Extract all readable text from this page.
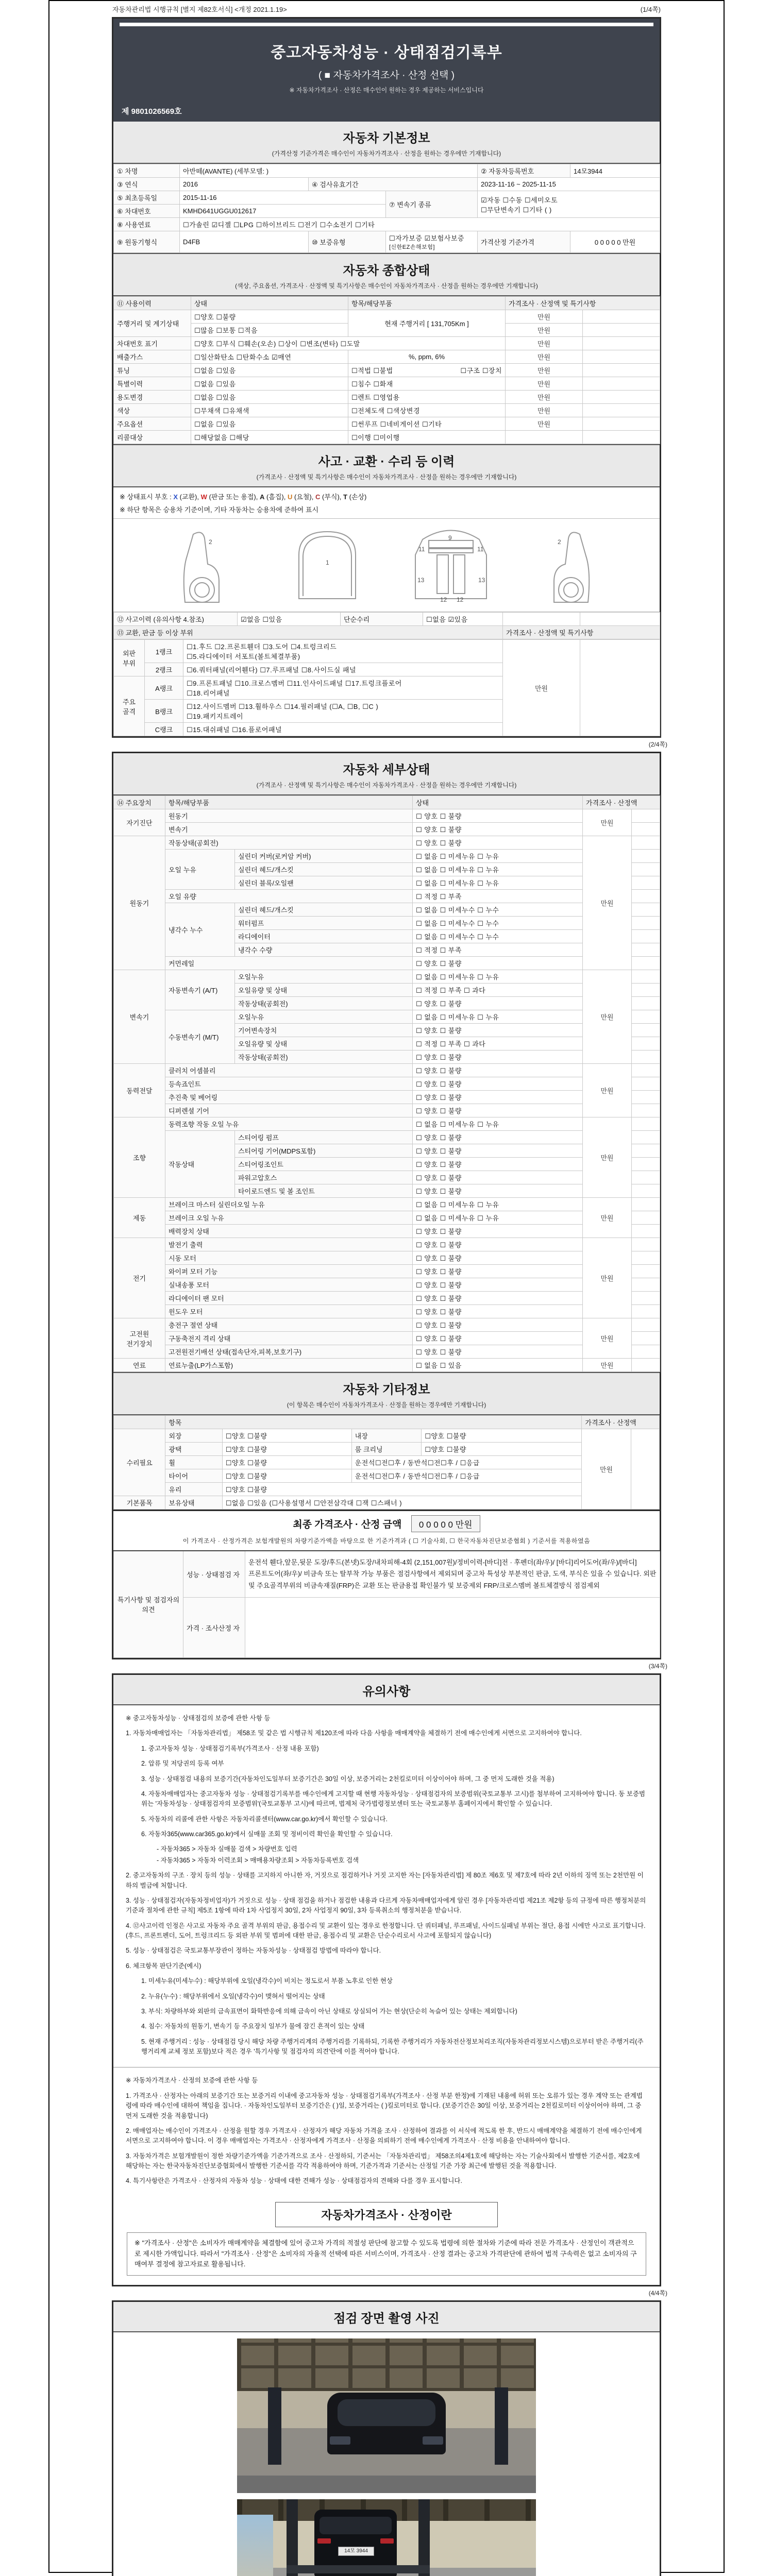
자동차관리법 시행규칙 [별지 제82호서식] <개정 2021.1.19>	(1/4쪽)
중고자동차성능 · 상태점검기록부
( ■ 자동차가격조사 · 산정 선택 )
※ 자동차가격조사 · 산정은 매수인이 원하는 경우 제공하는 서비스입니다
제 9801026569호
자동차 기본정보
(가격산정 기준가격은 매수인이 자동차가격조사 · 산정을 원하는 경우에만 기재합니다)
① 차명	아반떼(AVANTE) (세부모델: )			② 자동차등록번호	14모3944
③ 연식	2016	④ 검사유효기간		2023-11-16 ~ 2025-11-15	
⑤ 최초등록일	2015-11-16		⑦ 변속기 종류	☑자동 ☐수동 ☐세미오토
☐무단변속기 ☐기타 ( )	
⑥ 차대번호	KMHD641UGGU012617				
⑧ 사용연료	☐가솔린 ☑디젤 ☐LPG ☐하이브리드 ☐전기 ☐수소전기 ☐기타				
⑨ 원동기형식	D4FB	⑩ 보증유형	☐자가보증 ☑보험사보증 [신한EZ손해보험]	가격산정 기준가격	0 0 0 0 0 만원
자동차 종합상태
(색상, 주요옵션, 가격조사 · 산정액 및 특기사항은 매수인이 자동차가격조사 · 산정을 원하는 경우에만 기재합니다)
⑪ 사용이력	상태	항목/해당부품	가격조사 · 산정액 및 특기사항	
주행거리 및 계기상태	☐양호 ☐불량	현재 주행거리 [ 131,705Km ]	만원	
	☐많음 ☐보통 ☐적음		만원	
차대번호 표기	☐양호 ☐부식 ☐훼손(오손) ☐상이 ☐변조(변타) ☐도말		만원	
배출가스	☐일산화탄소 ☐탄화수소 ☑매연	%, ppm, 6%	만원	
튜닝	☐없음 ☐있음	☐적법 ☐불법 ☐구조 ☐장치	만원	
특별이력	☐없음 ☐있음	☐침수 ☐화재	만원	
용도변경	☐없음 ☐있음	☐렌트 ☐영업용	만원	
색상	☐무채색 ☐유채색	☐전체도색 ☐색상변경	만원	
주요옵션	☐없음 ☐있음	☐썬루프 ☐네비게이션 ☐기타	만원	
리콜대상	☐해당없음 ☐해당	☐이행 ☐미이행		
사고 · 교환 · 수리 등 이력
(가격조사 · 산정액 및 특기사항은 매수인이 자동차가격조사 · 산정을 원하는 경우에만 기재합니다)
※ 상태표시 부호 : X (교환), W (판금 또는 용접), A (흠집), U (요철), C (부식), T (손상)
※ 하단 항목은 승용차 기준이며, 기타 자동차는 승용차에 준하여 표시
2
1
11
9
11
13
12 12
13
2
⑫ 사고이력 (유의사항 4.참조)	☑없음 ☐있음	단순수리	☐없음 ☑있음		
⑬ 교환, 판금 등 이상 부위				가격조사 · 산정액 및 특기사항	
외판 부위	1랭크	☐1.후드 ☐2.프론트휀더 ☐3.도어 ☐4.트렁크리드
☐5.라디에이터 서포트(볼트체결부품)	만원	
	2랭크	☐6.쿼터패널(리어휀다) ☐7.루프패널 ☐8.사이드실 패널		
주요 골격	A랭크	☐9.프론트패널 ☐10.크로스멤버 ☐11.인사이드패널 ☐17.트렁크플로어
☐18.리어패널		
	B랭크	☐12.사이드멤버 ☐13.휠하우스 ☐14.필러패널 (☐A, ☐B, ☐C )
☐19.패키지트레이		
	C랭크	☐15.대쉬패널 ☐16.플로어패널		
(2/4쪽)
자동차 세부상태
(가격조사 · 산정액 및 특기사항은 매수인이 자동차가격조사 · 산정을 원하는 경우에만 기재합니다)
⑭ 주요장치	항목/해당부품		상태	가격조사 · 산정액	
자기진단	원동기		☐ 양호 ☐ 불량	만원	
	변속기		☐ 양호 ☐ 불량		
원동기	작동상태(공회전)		☐ 양호 ☐ 불량	만원	
	오일 누유	실린더 커버(로커암 커버)	☐ 없음 ☐ 미세누유 ☐ 누유		
		실린더 헤드/개스킷	☐ 없음 ☐ 미세누유 ☐ 누유		
		실린더 블록/오일팬	☐ 없음 ☐ 미세누유 ☐ 누유		
	오일 유량		☐ 적정 ☐ 부족		
	냉각수 누수	실린더 헤드/개스킷	☐ 없음 ☐ 미세누수 ☐ 누수		
		워터펌프	☐ 없음 ☐ 미세누수 ☐ 누수		
		라디에이터	☐ 없음 ☐ 미세누수 ☐ 누수		
		냉각수 수량	☐ 적정 ☐ 부족		
	커먼레일		☐ 양호 ☐ 불량		
변속기	자동변속기 (A/T)	오일누유	☐ 없음 ☐ 미세누유 ☐ 누유	만원	
		오일유량 및 상태	☐ 적정 ☐ 부족 ☐ 과다		
		작동상태(공회전)	☐ 양호 ☐ 불량		
	수동변속기 (M/T)	오일누유	☐ 없음 ☐ 미세누유 ☐ 누유		
		기어변속장치	☐ 양호 ☐ 불량		
		오일유량 및 상태	☐ 적정 ☐ 부족 ☐ 과다		
		작동상태(공회전)	☐ 양호 ☐ 불량		
동력전달	클러치 어셈블리		☐ 양호 ☐ 불량	만원	
	등속죠인트		☐ 양호 ☐ 불량		
	추진축 및 베어링		☐ 양호 ☐ 불량		
	디퍼렌셜 기어		☐ 양호 ☐ 불량		
조향	동력조향 작동 오일 누유		☐ 없음 ☐ 미세누유 ☐ 누유	만원	
	작동상태	스티어링 펌프	☐ 양호 ☐ 불량		
		스티어링 기어(MDPS포함)	☐ 양호 ☐ 불량		
		스티어링조인트	☐ 양호 ☐ 불량		
		파워고압호스	☐ 양호 ☐ 불량		
		타이로드엔드 및 볼 조인트	☐ 양호 ☐ 불량		
제동	브레이크 마스터 실린더오일 누유		☐ 없음 ☐ 미세누유 ☐ 누유	만원	
	브레이크 오일 누유		☐ 없음 ☐ 미세누유 ☐ 누유		
	배력장치 상태		☐ 양호 ☐ 불량		
전기	발전기 출력		☐ 양호 ☐ 불량	만원	
	시동 모터		☐ 양호 ☐ 불량		
	와이퍼 모터 기능		☐ 양호 ☐ 불량		
	실내송풍 모터		☐ 양호 ☐ 불량		
	라디에이터 팬 모터		☐ 양호 ☐ 불량		
	윈도우 모터		☐ 양호 ☐ 불량		
고전원 전기장치	충전구 절연 상태		☐ 양호 ☐ 불량	만원	
	구동축전지 격리 상태		☐ 양호 ☐ 불량		
	고전원전기배선 상태(접속단자,피복,보호기구)		☐ 양호 ☐ 불량		
연료	연료누출(LP가스포함)		☐ 없음 ☐ 있음	만원	
자동차 기타정보
(이 항목은 매수인이 자동차가격조사 · 산정을 원하는 경우에만 기재합니다)
	항목				가격조사 · 산정액	
수리필요	외장	☐양호 ☐불량	내장	☐양호 ☐불량	만원	
	광택	☐양호 ☐불량	룸 크리닝	☐양호 ☐불량		
	휠	☐양호 ☐불량	운전석☐전☐후 / 동반석☐전☐후 / ☐응급			
	타이어	☐양호 ☐불량	운전석☐전☐후 / 동반석☐전☐후 / ☐응급			
	유리	☐양호 ☐불량				
기본품목	보유상태	☐없음 ☐있음 (☐사용설명서 ☐안전삼각대 ☐잭 ☐스패너 )				
최종 가격조사 · 산정 금액 0 0 0 0 0 만원
이 가격조사 · 산정가격은 보험개발원의 차량기준가액을 바탕으로 한 기준가격과 ( ☐ 기술사회, ☐ 한국자동차진단보증협회 ) 기준서를 적용하였음
특기사항 및 점검자의 의견	성능 · 상태점검 자	운전석 휀다,앞문,뒷문 도장/후드(본넷)도장/내차피해-4회 (2,151,007원)/정비이력-[바디]전 · 후펜더(좌/우)/ [바디]리어도어(좌/우)/[바디]프론트도어(좌/우)/ 비금속 또는 탈부착 가능 부품은 점검사항에서 제외되며 중고차 특성상 부분적인 판금, 도색, 부식은 있을 수 있습니다. 외판 및 주요골격부위의 비금속재질(FRP)은 교환 또는 판금용접 확인불가 및 보증제외 FRP/크로스멤버 볼트체결방식 점검제외
	가격 · 조사산정 자	
(3/4쪽)
유의사항
※ 중고자동차성능 · 상태점검의 보증에 관한 사항 등
1. 자동차매매업자는 「자동차관리법」 제58조 및 같은 법 시행규칙 제120조에 따라 다음 사항을 매매계약을 체결하기 전에 매수인에게 서면으로 고지하여야 합니다.
1. 중고자동차 성능 · 상태점검기록부(가격조사 · 산정 내용 포함)
2. 압류 및 저당권의 등록 여부
3. 성능 · 상태점검 내용의 보증기간(자동차인도일부터 보증기간은 30일 이상, 보증거리는 2천킬로미터 이상이어야 하며, 그 중 먼저 도래한 것을 적용)
4. 자동차매매업자는 중고자동차 성능 · 상태점검기록부를 매수인에게 고지할 때 현행 자동차성능 · 상태점검자의 보증범위(국토교통부 고시)를 첨부하여 고지하여야 합니다. 동 보증범위는 '자동차성능 · 상태점검자의 보증범위'(국토교통부 고시)에 따르며, 법제처 국가법령정보센터 또는 국토교통부 홈페이지에서 확인할 수 있습니다.
5. 자동차의 리콜에 관한 사항은 자동차리콜센터(www.car.go.kr)에서 확인할 수 있습니다.
6. 자동차365(www.car365.go.kr)에서 실매물 조회 및 정비이력 확인을 확인할 수 있습니다.
- 자동차365 > 자동차 실매물 검색 > 차량번호 입력
- 자동차365 > 자동차 이력조회 > 매매용차량조회 > 자동차등록번호 검색
2. 중고자동차의 구조 · 장치 등의 성능 · 상태를 고지하지 아니한 자, 거짓으로 점검하거나 거짓 고지한 자는 [자동차관리법] 제 80조 제6호 및 제7호에 따라 2년 이하의 징역 또는 2천만원 이하의 벌금에 처합니다.
3. 성능 · 상태점검자(자동차정비업자)가 거짓으로 성능 · 상태 점검을 하거나 점검한 내용과 다르게 자동차매매업자에게 알린 경우 [자동차관리법 제21조 제2항 등의 규정에 따른 행정처분의 기준과 절차에 관한 규칙] 제5조 1항에 따라 1차 사업정지 30일, 2차 사업정지 90일, 3차 등록취소의 행정처분을 받습니다.
4. ⑫사고이력 인정은 사고로 자동차 주요 골격 부위의 판금, 용접수리 및 교환이 있는 경우로 한정합니다. 단 쿼터패널, 루프패널, 사이드실패널 부위는 절단, 용접 시에만 사고로 표기합니다. (후드, 프론트펜더, 도어, 트렁크리드 등 외판 부위 및 범퍼에 대한 판금, 용접수리 및 교환은 단순수리로서 사고에 포함되지 않습니다)
5. 성능 · 상태점검은 국토교통부장관이 정하는 자동차성능 · 상태점검 방법에 따라야 합니다.
6. 체크항목 판단기준(예시)
1. 미세누유(미세누수) : 해당부위에 오일(냉각수)이 비치는 정도로서 부품 노후로 인한 현상
2. 누유(누수) : 해당부위에서 오일(냉각수)이 맺혀서 떨어지는 상태
3. 부식: 차량하부와 외판의 금속표면이 화학반응에 의해 금속이 아닌 상태로 상실되어 가는 현상(단순히 녹슬어 있는 상태는 제외합니다)
4. 침수: 자동차의 원동기, 변속기 등 주요장치 일부가 물에 잠긴 흔적이 있는 상태
5. 현재 주행거리 : 성능 · 상태점검 당시 해당 차량 주행거리계의 주행거리를 기록하되, 기록한 주행거리가 자동차전산정보처리조직(자동차관리정보시스템)으로부터 받은 주행거리(주행거리계 교체 정보 포함)보다 적은 경우 '특기사항 및 점검자의 의견'란에 이를 적어야 합니다.
※ 자동차가격조사 · 산정의 보증에 관한 사항 등
1. 가격조사 · 산정자는 아래의 보증기간 또는 보증거리 이내에 중고자동차 성능 · 상태점검기록부(가격조사 · 산정 부분 한정)에 기재된 내용에 허위 또는 오류가 있는 경우 계약 또는 관계법령에 따라 매수인에 대하여 책임을 집니다. · 자동차인도일부터 보증기간은 ( )일, 보증거리는 ( )킬로미터로 합니다. (보증기간은 30일 이상, 보증거리는 2천킬로미터 이상이어야 하며, 그 중 먼저 도래한 것을 적용합니다)
2. 매매업자는 매수인이 가격조사 · 산정을 원할 경우 가격조사 · 산정자가 해당 자동차 가격을 조사 · 산정하여 결과를 이 서식에 적도록 한 후, 반드시 매매계약을 체결하기 전에 매수인에게 서면으로 고지하여야 합니다. 이 경우 매매업자는 가격조사 · 산정자에게 가격조사 · 산정을 의뢰하기 전에 매수인에게 가격조사 · 산정 비용을 안내하여야 합니다.
3. 자동차가격은 보험개발원이 정한 차량기준가액을 기준가격으로 조사 · 산정하되, 기준서는 「자동차관리법」 제58조의4제1호에 해당하는 자는 기술사회에서 발행한 기준서를, 제2호에 해당하는 자는 한국자동차진단보증협회에서 발행한 기준서를 각각 적용하여야 하며, 기준가격과 기준서는 산정일 기준 가장 최근에 발행된 것을 적용합니다.
4. 특기사항란은 가격조사 · 산정자의 자동차 성능 · 상태에 대한 견해가 성능 · 상태점검자의 견해와 다를 경우 표시합니다.
자동차가격조사 · 산정이란
※ "가격조사 · 산정"은 소비자가 매매계약을 체결함에 있어 중고차 가격의 적절성 판단에 참고할 수 있도록 법령에 의한 절차와 기준에 따라 전문 가격조사 · 산정인이 객관적으로 제시한 가액입니다. 따라서 "가격조사 · 산정"은 소비자의 자율적 선택에 따른 서비스이며, 가격조사 · 산정 결과는 중고차 가격판단에 관하여 법적 구속력은 없고 소비자의 구매여부 결정에 참고자료로 활용됩니다.
(4/4쪽)
점검 장면 촬영 사진
14모 3944
